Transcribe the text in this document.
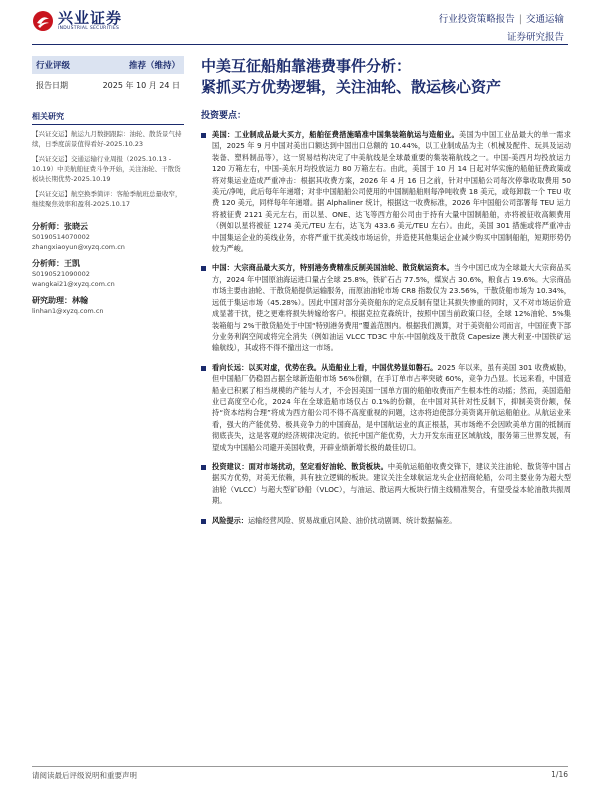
兴业证券
INDUSTRIAL SECURITIES
行业投资策略报告 | 交通运输
证券研究报告
行业评级	推荐（维持）
报告日期	2025 年 10 月 24 日
相关研究
【兴证交运】航运九月数据跟踪：油轮、散货景气持续，日季度前景值得看好-2025.10.23
【兴证交运】交通运输行业周报（2025.10.13 - 10.19）中美航舶征费斗争开始，关注油轮、干散货板块长期优势-2025.10.19
【兴证交运】航空换季简评：客舱季航班总量收窄，继续聚焦效率和盈利-2025.10.17
分析师：张晓云
S0190514070002
zhangxiaoyun@xyzq.com.cn
分析师：王凯
S0190521090002
wangkai21@xyzq.com.cn
研究助理：林翰
linhan1@xyzq.com.cn
中美互征船舶靠港费事件分析：
紧抓买方优势逻辑，关注油轮、散运核心资产
投资要点：
美国：工业制成品最大买方，船舶征费措施瞄准中国集装箱航运与造船业。美国为中国工业品最大的单一需求国，2025 年 9 月中国对美出口额达到中国出口总额的 10.44%，以工业制成品为主（机械及配件、玩具及运动装备、塑料制品等），这一贸易结构决定了中美航线是全球最重要的集装箱航线之一。中国-美西月均投放运力 120 万箱左右，中国-美东月均投放运力 80 万箱左右。由此，美国于 10 月 14 日起对华实施的船舶征费政策或将对集运业造成严重冲击：根据其收费方案，2026 年 4 月 16 日之前，针对中国船公司每次停靠收取费用 50 美元/净吨，此后每年年递增；对非中国船舶公司使用的中国制船舶则每净吨收费 18 美元，或每卸载一个 TEU 收费 120 美元，同样每年年递增。据 Alphaliner 统计，根据这一收费标准，2026 年中国船公司部署每 TEU 运力将被征费 2121 美元左右，而以星、ONE、达飞等西方船公司由于持有大量中国制船舶，亦将被征收高额费用（例如以星将被征 1274 美元/TEU 左右，达飞为 433.6 美元/TEU 左右）。由此，美国 301 措施或将严重冲击中国集运企业的美线业务，亦将严重干扰美线市场运价，并造使其他集运企业减少购买中国制船舶，短期形势仍较为严峻。
中国：大宗商品最大买方，特别港务费精准反制美国油轮、散货航运资本。当今中国已成为全球最大大宗商品买方，2024 年中国原油海运进口量占全球 25.8%，铁矿石占 77.5%，煤炭占 30.6%，粮食占 19.6%。大宗商品市场主要由油轮、干散货船提供运输服务，而原油油轮市场 CR8 指数仅为 23.56%，干散货船市场为 10.34%，远低于集运市场（45.28%）。因此中国对部分美资船东的定点反制有望让其损失惨重的同时，又不对市场运价造成显著干扰，使之更难将损失转嫁给客户。根据克拉克森统计，按照中国当前政策口径，全球 12%油轮、5%集装箱船与 2%干散货船处于中国“特别港务费用”覆盖范围内。根据我们测算，对于美资船公司而言，中国征费下部分业务利润空间或将完全消失（例如油运 VLCC TD3C 中东-中国航线及干散货 Capesize 澳大利亚-中国铁矿运输航线），其或将不得不撤出这一市场。
看向长远：以买对虚，优势在我。从造船业上看，中国优势显如磐石。2025 年以来，虽有美国 301 收费威胁，但中国船厂仍稳固占据全球新造船市场 56%份额，在手订单市占率突破 60%，竞争力凸显。长远来看，中国造船业已积累了相当规模的产能与人才，不会因美国一国单方面的船舶收费而产生根本性的动摇；然而，美国造船业已高度空心化，2024 年在全球造船市场仅占 0.1%的份额，在中国对其针对性反制下，抑制美资份额，保持“资本结构合理”将成为西方船公司不得不高度重视的问题，这亦将迫使部分美资离开航运船舶业。从航运业来看，强大的产能优势、极具竞争力的中国商品，是中国航运业的真正根基，其市场绝不会因欧美单方面的抵制而彻底丧失，这是客观的经济规律决定的。依托中国产能优势，大力开发东南亚区域航线，服务第三世界发展，有望成为中国船公司避开美国收费，开辟业绩新增长极的最佳切口。
投资建议：面对市场扰动，坚定看好油轮、散货板块。中美航运船舶收费交锋下，建议关注油轮、散货等中国占据买方优势，对美无依赖，具有独立逻辑的板块。建议关注全球航运龙头企业招商轮船，公司主要业务为超大型油轮（VLCC）与超大型矿砂船（VLOC），与油运、散运两大板块行情主线精准契合，有望受益本轮油散共振周期。
风险提示：运输经营风险、贸易战重启风险、油价扰动剧调、统计数据偏差。
请阅读最后评级说明和重要声明	1/16
